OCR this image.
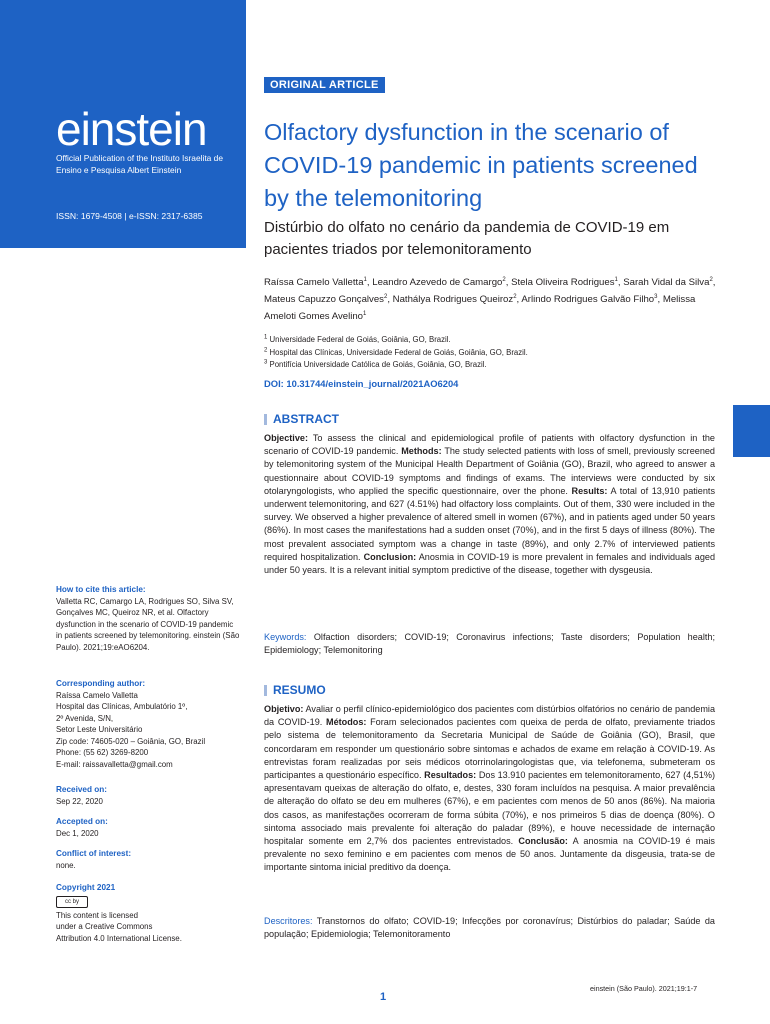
einstein
Official Publication of the Instituto Israelita de Ensino e Pesquisa Albert Einstein
ISSN: 1679-4508 | e-ISSN: 2317-6385
ORIGINAL ARTICLE
Olfactory dysfunction in the scenario of COVID-19 pandemic in patients screened by the telemonitoring
Distúrbio do olfato no cenário da pandemia de COVID-19 em pacientes triados por telemonitoramento
Raíssa Camelo Valletta$^1$, Leandro Azevedo de Camargo$^2$, Stela Oliveira Rodrigues$^1$, Sarah Vidal da Silva$^2$, Mateus Capuzzo Gonçalves$^2$, Nathályа Rodrigues Queiroz$^2$, Arlindo Rodrigues Galvão Filho$^3$, Melissa Ameloti Gomes Avelino$^1$
$^1$ Universidade Federal de Goiás, Goiânia, GO, Brazil.
$^2$ Hospital das Clínicas, Universidade Federal de Goiás, Goiânia, GO, Brazil.
$^3$ Pontifícia Universidade Católica de Goiás, Goiânia, GO, Brazil.
DOI: 10.31744/einstein_journal/2021AO6204
ABSTRACT
Objective: To assess the clinical and epidemiological profile of patients with olfactory dysfunction in the scenario of COVID-19 pandemic. Methods: The study selected patients with loss of smell, previously screened by telemonitoring system of the Municipal Health Department of Goiânia (GO), Brazil, who agreed to answer a questionnaire about COVID-19 symptoms and findings of exams. The interviews were conducted by six otolaryngologists, who applied the specific questionnaire, over the phone. Results: A total of 13,910 patients underwent telemonitoring, and 627 (4.51%) had olfactory loss complaints. Out of them, 330 were included in the survey. We observed a higher prevalence of altered smell in women (67%), and in patients aged under 50 years (86%). In most cases the manifestations had a sudden onset (70%), and in the first 5 days of illness (80%). The most prevalent associated symptom was a change in taste (89%), and only 2.7% of interviewed patients required hospitalization. Conclusion: Anosmia in COVID-19 is more prevalent in females and individuals aged under 50 years. It is a relevant initial symptom predictive of the disease, together with dysgeusia.
Keywords: Olfaction disorders; COVID-19; Coronavirus infections; Taste disorders; Population health; Epidemiology; Telemonitoring
RESUMO
Objetivo: Avaliar o perfil clínico-epidemiológico dos pacientes com distúrbios olfatórios no cenário de pandemia da COVID-19. Métodos: Foram selecionados pacientes com queixa de perda de olfato, previamente triados pelo sistema de telemonitoramento da Secretaria Municipal de Saúde de Goiânia (GO), Brasil, que concordaram em responder um questionário sobre sintomas e achados de exame em relação à COVID-19. As entrevistas foram realizadas por seis médicos otorrinolaringologistas que, via telefonema, submeteram os participantes a questionário específico. Resultados: Dos 13.910 pacientes em telemonitoramento, 627 (4,51%) apresentavam queixas de alteração do olfato, e, destes, 330 foram incluídos na pesquisa. A maior prevalência de alteração do olfato se deu em mulheres (67%), e em pacientes com menos de 50 anos (86%). Na maioria dos casos, as manifestações ocorreram de forma súbita (70%), e nos primeiros 5 dias de doença (80%). O sintoma associado mais prevalente foi alteração do paladar (89%), e houve necessidade de internação hospitalar somente em 2,7% dos pacientes entrevistados. Conclusão: A anosmia na COVID-19 é mais prevalente no sexo feminino e em pacientes com menos de 50 anos. Juntamente da disgeusia, trata-se de importante sintoma inicial preditivo da doença.
Descritores: Transtornos do olfato; COVID-19; Infecções por coronavírus; Distúrbios do paladar; Saúde da população; Epidemiologia; Telemonitoramento
How to cite this article:
Valletta RC, Camargo LA, Rodrigues SO, Silva SV, Gonçalves MC, Queiroz NR, et al. Olfactory dysfunction in the scenario of COVID-19 pandemic in patients screened by telemonitoring. einstein (São Paulo). 2021;19:eAO6204.
Corresponding author:
Raíssa Camelo Valletta
Hospital das Clínicas, Ambulatório 1º,
2º Avenida, S/N,
Setor Leste Universitário
Zip code: 74605-020 – Goiânia, GO, Brazil
Phone: (55 62) 3269-8200
E-mail: raissavalletta@gmail.com
Received on:
Sep 22, 2020
Accepted on:
Dec 1, 2020
Conflict of interest:
none.
Copyright 2021
cc by
This content is licensed
under a Creative Commons
Attribution 4.0 International License.
einstein (São Paulo). 2021;19:1-7
1
